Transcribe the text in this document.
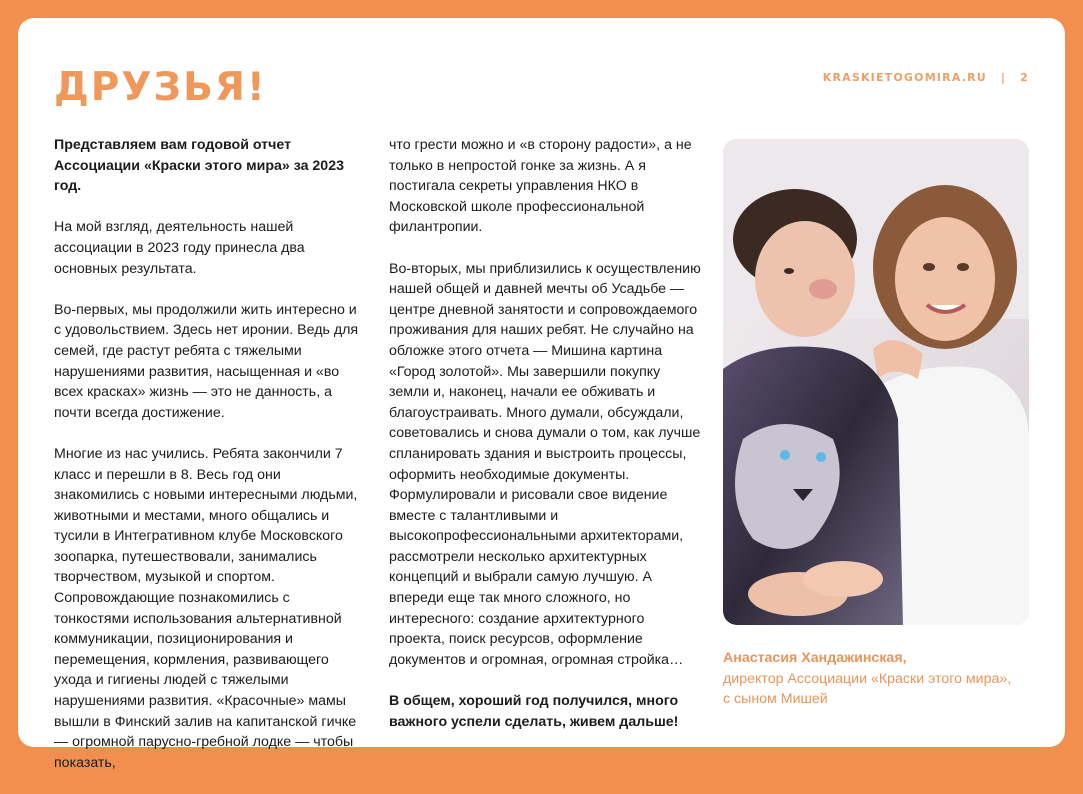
ДРУЗЬЯ!	KRASKIETOGOMIRA.RU | 2

Представляем вам годовой отчет Ассоциации «Краски этого мира» за 2023 год.

На мой взгляд, деятельность нашей ассоциации в 2023 году принесла два основных результата.

Во-первых, мы продолжили жить интересно и с удовольствием. Здесь нет иронии. Ведь для семей, где растут ребята с тяжелыми нарушениями развития, насыщенная и «во всех красках» жизнь — это не данность, а почти всегда достижение.

Многие из нас учились. Ребята закончили 7 класс и перешли в 8. Весь год они знакомились с новыми интересными людьми, животными и местами, много общались и тусили в Интегративном клубе Московского зоопарка, путешествовали, занимались творчеством, музыкой и спортом. Сопровождающие познакомились с тонкостями использования альтернативной коммуникации, позиционирования и перемещения, кормления, развивающего ухода и гигиены людей с тяжелыми нарушениями развития. «Красочные» мамы вышли в Финский залив на капитанской гичке — огромной парусно-гребной лодке — чтобы показать,

что грести можно и «в сторону радости», а не только в непростой гонке за жизнь. А я постигала секреты управления НКО в Московской школе профессиональной филантропии.

Во-вторых, мы приблизились к осуществлению нашей общей и давней мечты об Усадьбе — центре дневной занятости и сопровождаемого проживания для наших ребят. Не случайно на обложке этого отчета — Мишина картина «Город золотой». Мы завершили покупку земли и, наконец, начали ее обживать и благоустраивать. Много думали, обсуждали, советовались и снова думали о том, как лучше спланировать здания и выстроить процессы, оформить необходимые документы. Формулировали и рисовали свое видение вместе с талантливыми и высокопрофессиональными архитекторами, рассмотрели несколько архитектурных концепций и выбрали самую лучшую. А впереди еще так много сложного, но интересного: создание архитектурного проекта, поиск ресурсов, оформление документов и огромная, огромная стройка…

В общем, хороший год получился, много важного успели сделать, живем дальше!

Анастасия Хандажинская,
директор Ассоциации «Краски этого мира»,
с сыном Мишей
